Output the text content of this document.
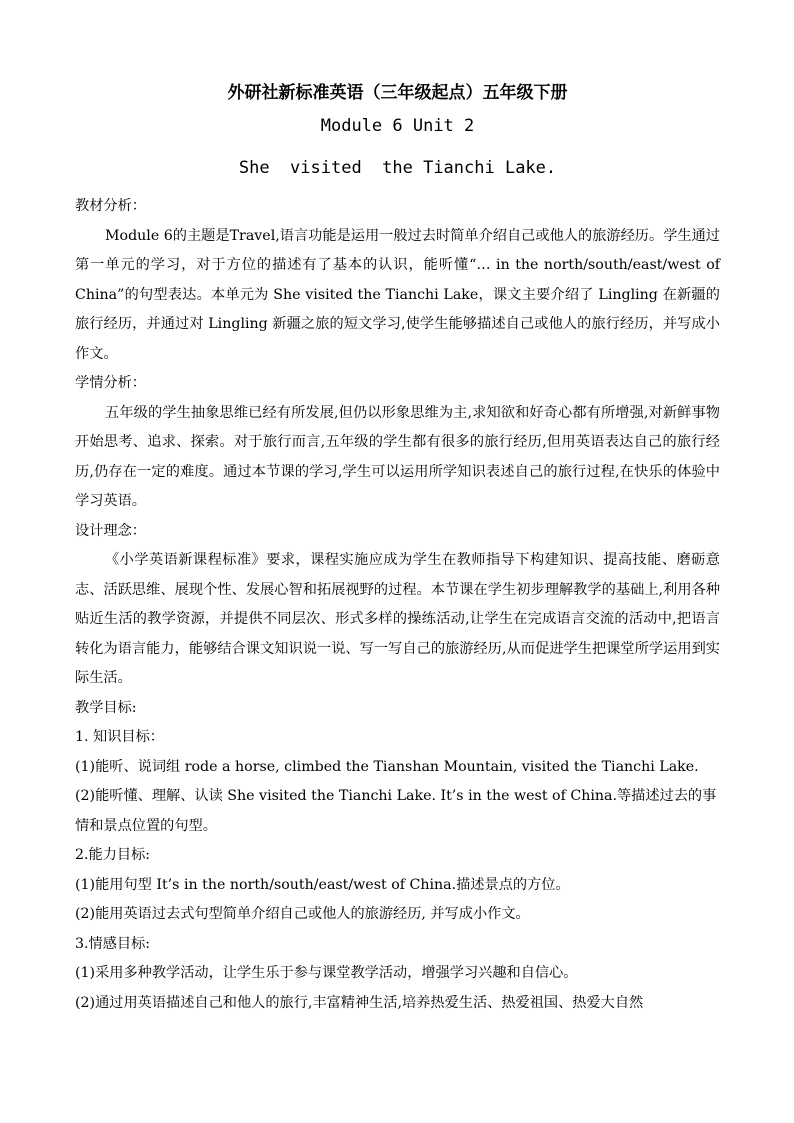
外研社新标准英语（三年级起点）五年级下册

Module 6 Unit 2

She  visited  the Tianchi Lake.

教材分析：

Module 6的主题是Travel,语言功能是运用一般过去时简单介绍自己或他人的旅游经历。学生通过第一单元的学习，对于方位的描述有了基本的认识，能听懂“… in the north/south/east/west of China”的句型表达。本单元为 She visited the Tianchi Lake，课文主要介绍了 Lingling 在新疆的旅行经历，并通过对 Lingling 新疆之旅的短文学习,使学生能够描述自己或他人的旅行经历，并写成小作文。

学情分析：

五年级的学生抽象思维已经有所发展,但仍以形象思维为主,求知欲和好奇心都有所增强,对新鲜事物开始思考、追求、探索。对于旅行而言,五年级的学生都有很多的旅行经历,但用英语表达自己的旅行经历,仍存在一定的难度。通过本节课的学习,学生可以运用所学知识表述自己的旅行过程,在快乐的体验中学习英语。

设计理念：

《小学英语新课程标准》要求，课程实施应成为学生在教师指导下构建知识、提高技能、磨砺意志、活跃思维、展现个性、发展心智和拓展视野的过程。本节课在学生初步理解教学的基础上,利用各种贴近生活的教学资源，并提供不同层次、形式多样的操练活动,让学生在完成语言交流的活动中,把语言转化为语言能力，能够结合课文知识说一说、写一写自己的旅游经历,从而促进学生把课堂所学运用到实际生活。

教学目标:

1. 知识目标：

(1)能听、说词组 rode a horse, climbed the Tianshan Mountain, visited the Tianchi Lake.

(2)能听懂、理解、认读 She visited the Tianchi Lake. It’s in the west of China.等描述过去的事情和景点位置的句型。

2.能力目标:

(1)能用句型 It’s in the north/south/east/west of China.描述景点的方位。

(2)能用英语过去式句型简单介绍自己或他人的旅游经历, 并写成小作文。

3.情感目标:

(1)采用多种教学活动，让学生乐于参与课堂教学活动，增强学习兴趣和自信心。

(2)通过用英语描述自己和他人的旅行,丰富精神生活,培养热爱生活、热爱祖国、热爱大自然
